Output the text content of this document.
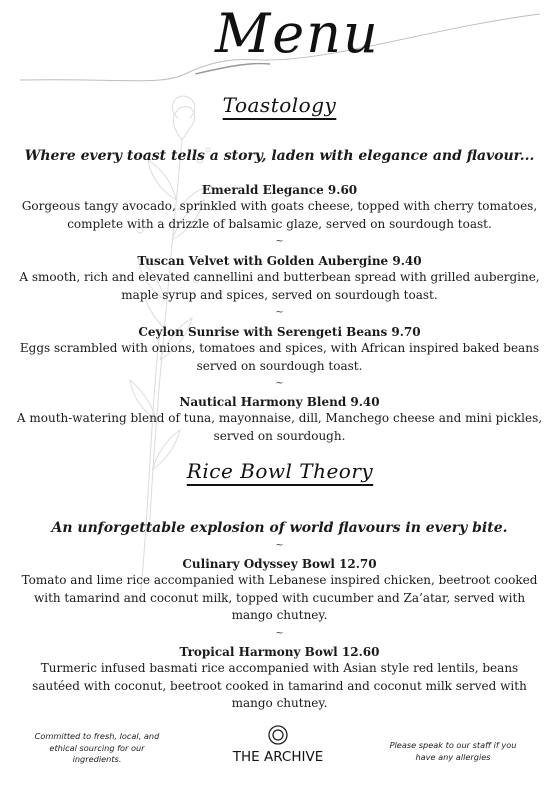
Menu
Toastology
Where every toast tells a story, laden with elegance and flavour...
Emerald Elegance 9.60
Gorgeous tangy avocado, sprinkled with goats cheese, topped with cherry tomatoes, complete with a drizzle of balsamic glaze, served on sourdough toast.
~
Tuscan Velvet with Golden Aubergine 9.40
A smooth, rich and elevated cannellini and butterbean spread with grilled aubergine, maple syrup and spices, served on sourdough toast.
~
Ceylon Sunrise with Serengeti Beans 9.70
Eggs scrambled with onions, tomatoes and spices, with African inspired baked beans served on sourdough toast.
~
Nautical Harmony Blend 9.40
A mouth-watering blend of tuna, mayonnaise, dill, Manchego cheese and mini pickles, served on sourdough.
Rice Bowl Theory
An unforgettable explosion of world flavours in every bite.
~
Culinary Odyssey Bowl 12.70
Tomato and lime rice accompanied with Lebanese inspired chicken, beetroot cooked with tamarind and coconut milk, topped with cucumber and Za’atar, served with mango chutney.
~
Tropical Harmony Bowl 12.60
Turmeric infused basmati rice accompanied with Asian style red lentils, beans sautéed with coconut, beetroot cooked in tamarind and coconut milk served with mango chutney.
Committed to fresh, local, and ethical sourcing for our ingredients.	THE ARCHIVE
Please speak to our staff if you have any allergies
